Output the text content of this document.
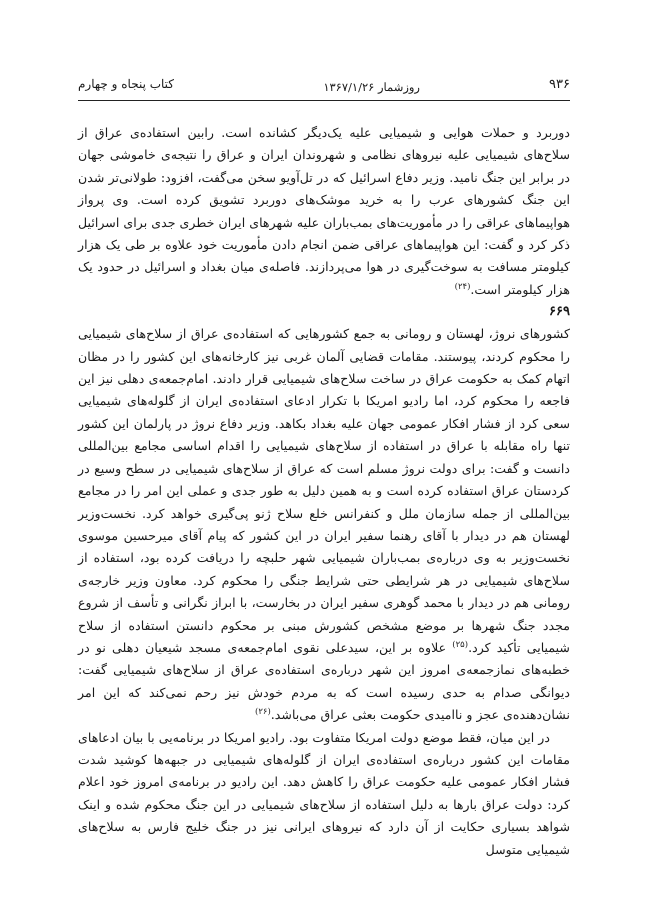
۹۳۶
روزشمار ۱۳۶۷/۱/۲۶
کتاب پنجاه و چهارم

دوربرد و حملات هوایی و شیمیایی علیه یک‌دیگر کشانده است. رابین استفاده‌ی عراق از سلاح‌های شیمیایی علیه نیروهای نظامی و شهروندان ایران و عراق را نتیجه‌ی خاموشی جهان در برابر این جنگ نامید. وزیر دفاع اسرائیل که در تل‌آویو سخن می‌گفت، افزود: طولانی‌تر شدن این جنگ کشورهای عرب را به خرید موشک‌های دوربرد تشویق کرده است. وی پرواز هواپیماهای عراقی را در مأموریت‌های بمب‌باران علیه شهرهای ایران خطری جدی برای اسرائیل ذکر کرد و گفت: این هواپیماهای عراقی ضمن انجام دادن مأموریت خود علاوه بر طی یک هزار کیلومتر مسافت به سوخت‌گیری در هوا می‌پردازند. فاصله‌ی میان بغداد و اسرائیل در حدود یک هزار کیلومتر است.$^{(۲۴)}$

۶۶۹

کشورهای نروژ، لهستان و رومانی به جمع کشورهایی که استفاده‌ی عراق از سلاح‌های شیمیایی را محکوم کردند، پیوستند. مقامات قضایی آلمان غربی نیز کارخانه‌های این کشور را در مظان اتهام کمک به حکومت عراق در ساخت سلاح‌های شیمیایی قرار دادند. امام‌جمعه‌ی دهلی نیز این فاجعه را محکوم کرد، اما رادیو امریکا با تکرار ادعای استفاده‌ی ایران از گلوله‌های شیمیایی سعی کرد از فشار افکار عمومی جهان علیه بغداد بکاهد. وزیر دفاع نروژ در پارلمان این کشور تنها راه مقابله با عراق در استفاده از سلاح‌های شیمیایی را اقدام اساسی مجامع بین‌المللی دانست و گفت: برای دولت نروژ مسلم است که عراق از سلاح‌های شیمیایی در سطح وسیع در کردستان عراق استفاده کرده است و به همین دلیل به طور جدی و عملی این امر را در مجامع بین‌المللی از جمله سازمان ملل و کنفرانس خلع سلاح ژنو پی‌گیری خواهد کرد. نخست‌وزیر لهستان هم در دیدار با آقای رهنما سفیر ایران در این کشور که پیام آقای میرحسین موسوی نخست‌وزیر به وی درباره‌ی بمب‌باران شیمیایی شهر حلبچه را دریافت کرده بود، استفاده از سلاح‌های شیمیایی در هر شرایطی حتی شرایط جنگی را محکوم کرد. معاون وزیر خارجه‌ی رومانی هم در دیدار با محمد گوهری سفیر ایران در بخارست، با ابراز نگرانی و تأسف از شروع مجدد جنگ شهرها بر موضع مشخص کشورش مبنی بر محکوم دانستن استفاده از سلاح شیمیایی تأکید کرد.$^{(۲۵)}$ علاوه بر این، سیدعلی نقوی امام‌جمعه‌ی مسجد شیعیان دهلی نو در خطبه‌های نمازجمعه‌ی امروز این شهر درباره‌ی استفاده‌ی عراق از سلاح‌های شیمیایی گفت: دیوانگی صدام به حدی رسیده است که به مردم خودش نیز رحم نمی‌کند که این امر نشان‌دهنده‌ی عجز و ناامیدی حکومت بعثی عراق می‌باشد.$^{(۲۶)}$

در این میان، فقط موضع دولت امریکا متفاوت بود. رادیو امریکا در برنامه‌یی با بیان ادعاهای مقامات این کشور درباره‌ی استفاده‌ی ایران از گلوله‌های شیمیایی در جبهه‌ها کوشید شدت فشار افکار عمومی علیه حکومت عراق را کاهش دهد. این رادیو در برنامه‌ی امروز خود اعلام کرد: دولت عراق بارها به دلیل استفاده از سلاح‌های شیمیایی در این جنگ محکوم شده و اینک شواهد بسیاری حکایت از آن دارد که نیروهای ایرانی نیز در جنگ خلیج فارس به سلاح‌های شیمیایی متوسل
